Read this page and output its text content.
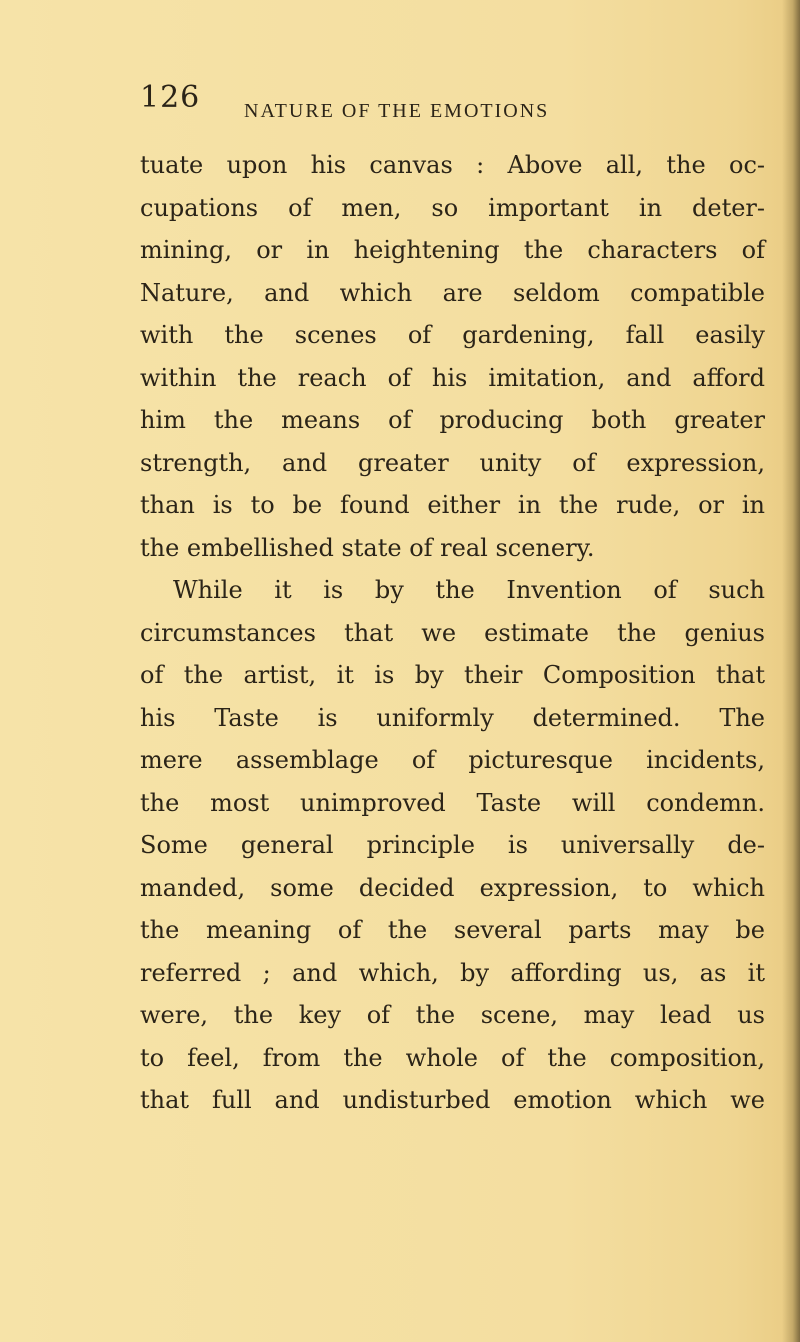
126 NATURE OF THE EMOTIONS
tuate upon his canvas : Above all, the oc-
cupations of men, so important in deter-
mining, or in heightening the characters of
Nature, and which are seldom compatible
with the scenes of gardening, fall easily
within the reach of his imitation, and afford
him the means of producing both greater
strength, and greater unity of expression,
than is to be found either in the rude, or in
the embellished state of real scenery.
While it is by the Invention of such
circumstances that we estimate the genius
of the artist, it is by their Composition that
his Taste is uniformly determined. The
mere assemblage of picturesque incidents,
the most unimproved Taste will condemn.
Some general principle is universally de-
manded, some decided expression, to which
the meaning of the several parts may be
referred ; and which, by affording us, as it
were, the key of the scene, may lead us
to feel, from the whole of the composition,
that full and undisturbed emotion which we
